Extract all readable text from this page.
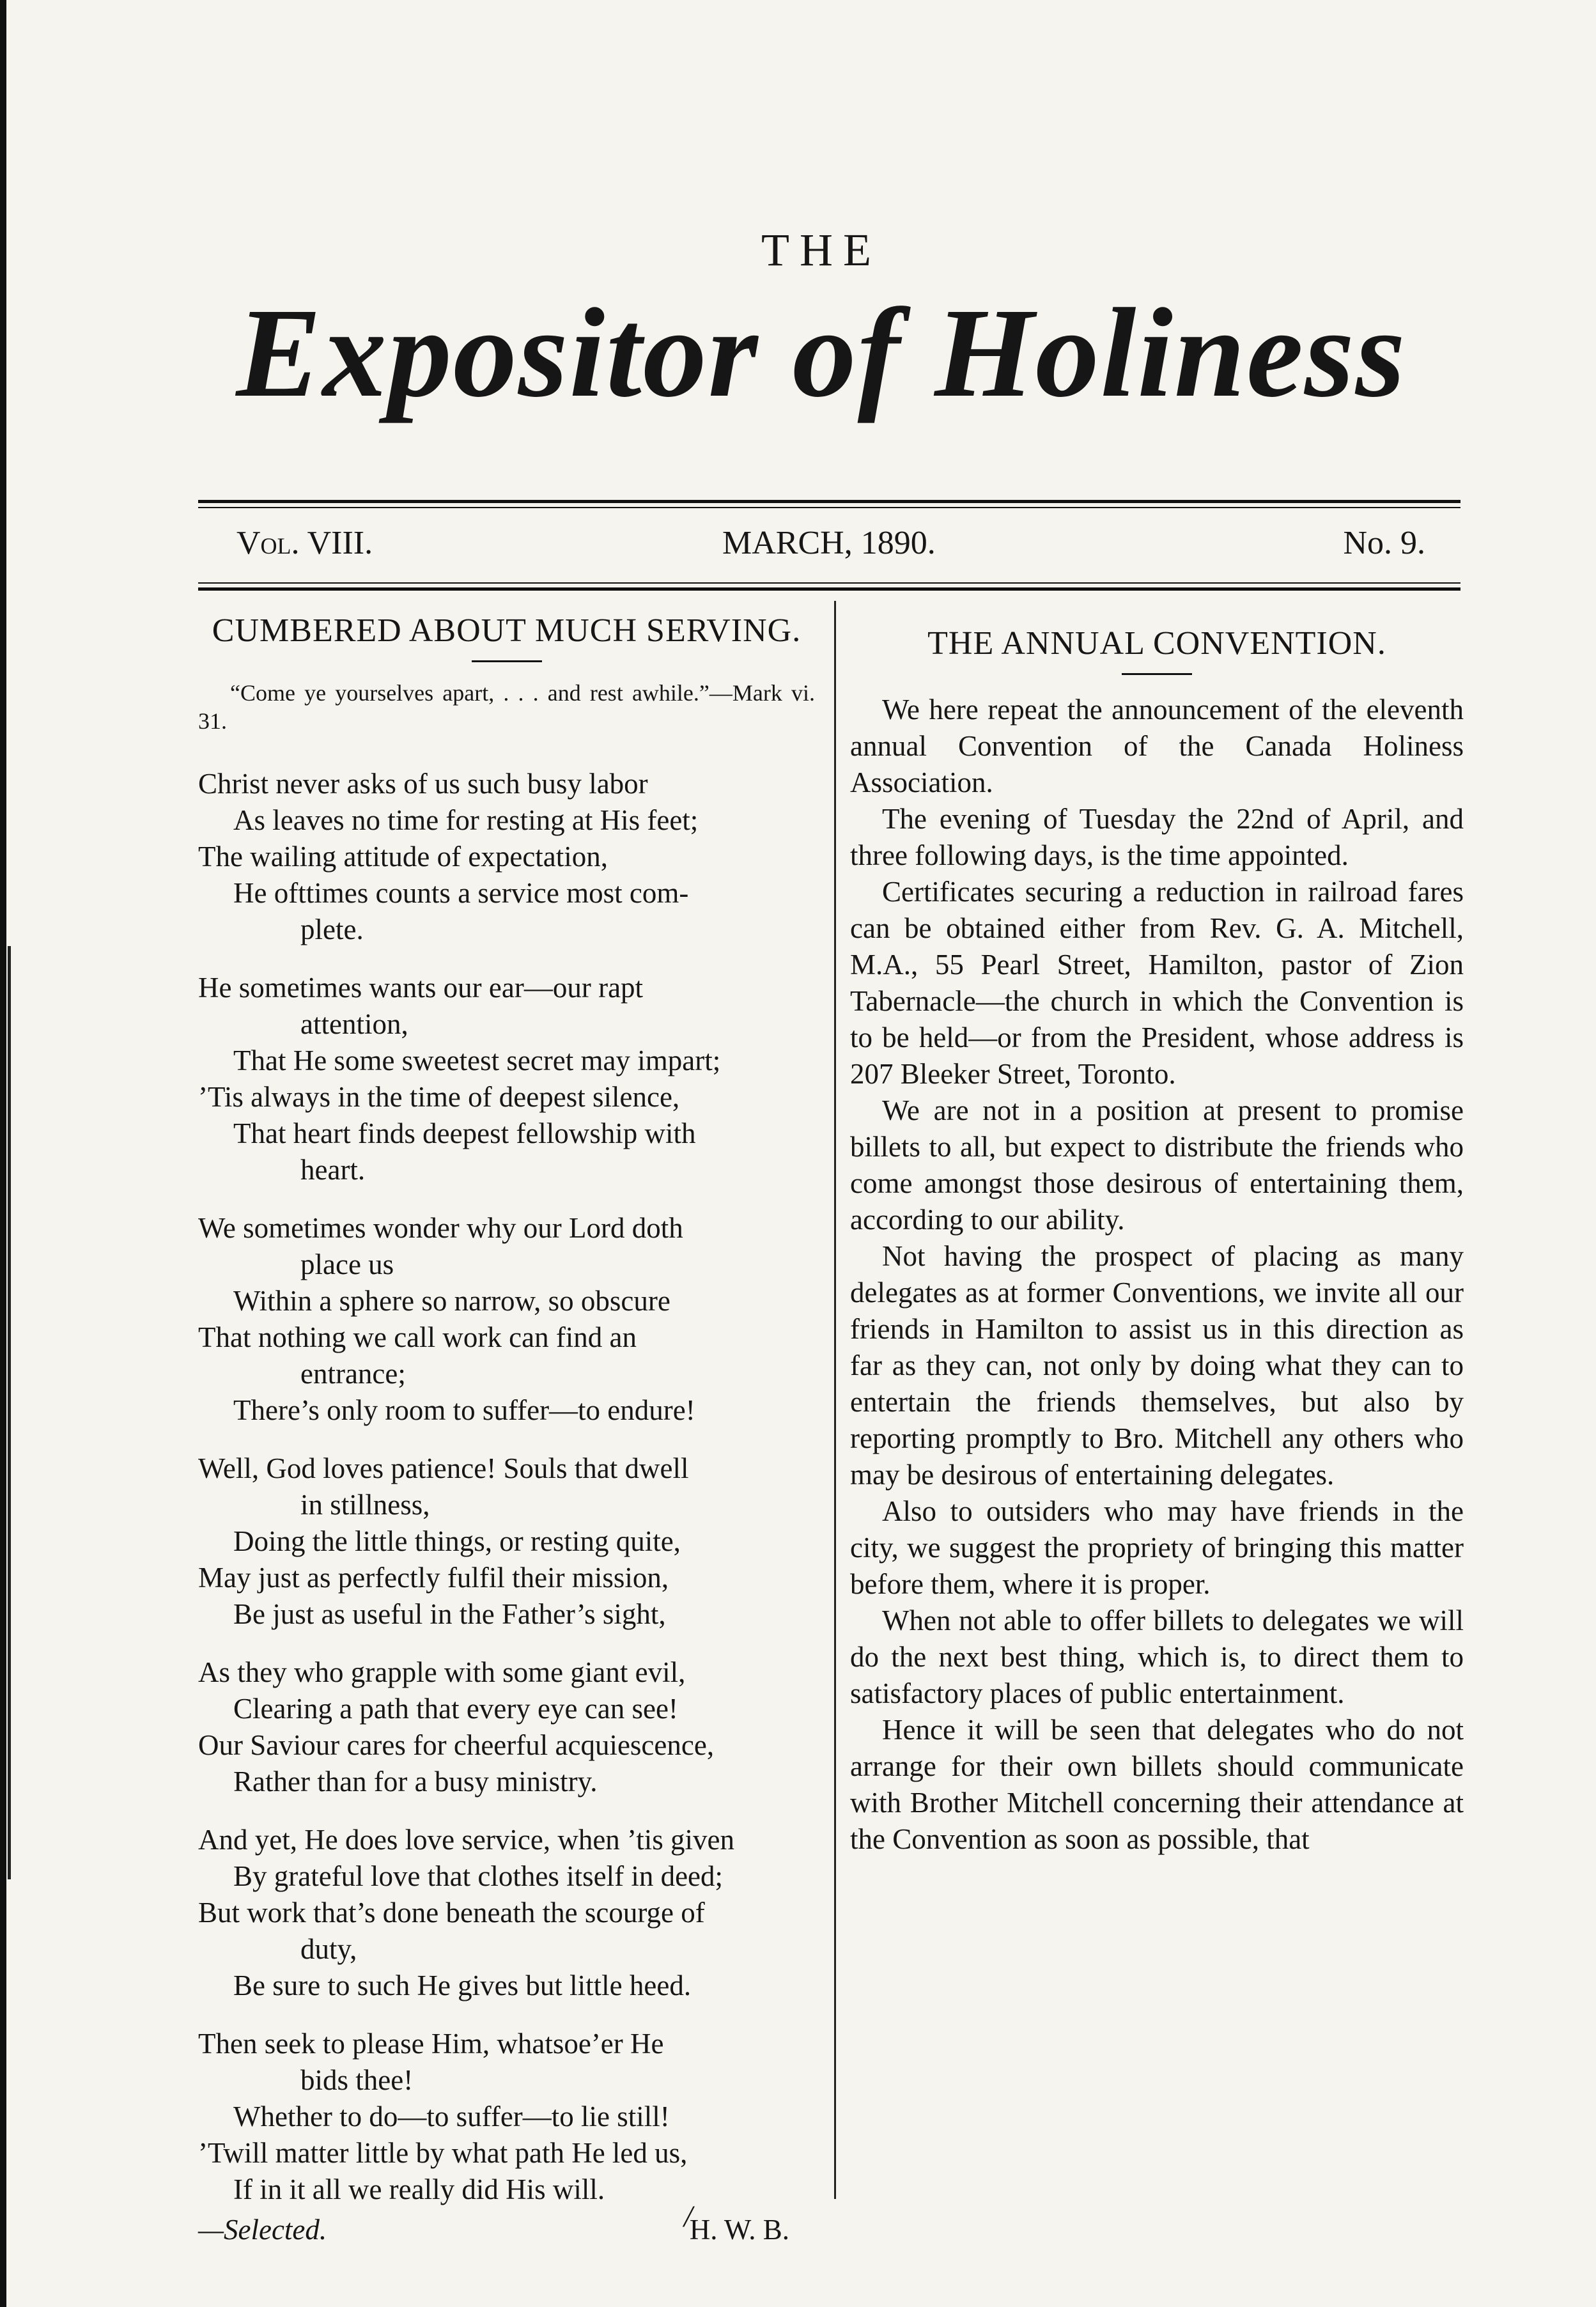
THE
Expositor of Holiness
Vol. VIII.	MARCH, 1890.	No. 9.
CUMBERED ABOUT MUCH SERVING.
“Come ye yourselves apart, . . . and rest awhile.”—Mark vi. 31.
Christ never asks of us such busy labor
As leaves no time for resting at His feet;
The wailing attitude of expectation,
He ofttimes counts a service most com-
plete.
He sometimes wants our ear—our rapt
attention,
That He some sweetest secret may impart;
’Tis always in the time of deepest silence,
That heart finds deepest fellowship with
heart.
We sometimes wonder why our Lord doth
place us
Within a sphere so narrow, so obscure
That nothing we call work can find an
entrance;
There’s only room to suffer—to endure!
Well, God loves patience! Souls that dwell
in stillness,
Doing the little things, or resting quite,
May just as perfectly fulfil their mission,
Be just as useful in the Father’s sight,
As they who grapple with some giant evil,
Clearing a path that every eye can see!
Our Saviour cares for cheerful acquiescence,
Rather than for a busy ministry.
And yet, He does love service, when ’tis given
By grateful love that clothes itself in deed;
But work that’s done beneath the scourge of
duty,
Be sure to such He gives but little heed.
Then seek to please Him, whatsoe’er He
bids thee!
Whether to do—to suffer—to lie still!
’Twill matter little by what path He led us,
If in it all we really did His will.
—Selected.	H. W. B.
THE ANNUAL CONVENTION.

We here repeat the announcement of the eleventh annual Convention of the Canada Holiness Association.

The evening of Tuesday the 22nd of April, and three following days, is the time appointed.

Certificates securing a reduction in railroad fares can be obtained either from Rev. G. A. Mitchell, M.A., 55 Pearl Street, Hamilton, pastor of Zion Tabernacle—the church in which the Convention is to be held—or from the President, whose address is 207 Bleeker Street, Toronto.

We are not in a position at present to promise billets to all, but expect to distribute the friends who come amongst those desirous of entertaining them, according to our ability.

Not having the prospect of placing as many delegates as at former Conventions, we invite all our friends in Hamilton to assist us in this direction as far as they can, not only by doing what they can to entertain the friends themselves, but also by reporting promptly to Bro. Mitchell any others who may be desirous of entertaining delegates.

Also to outsiders who may have friends in the city, we suggest the propriety of bringing this matter before them, where it is proper.

When not able to offer billets to delegates we will do the next best thing, which is, to direct them to satisfactory places of public entertainment.

Hence it will be seen that delegates who do not arrange for their own billets should communicate with Brother Mitchell concerning their attendance at the Convention as soon as possible, that

/
